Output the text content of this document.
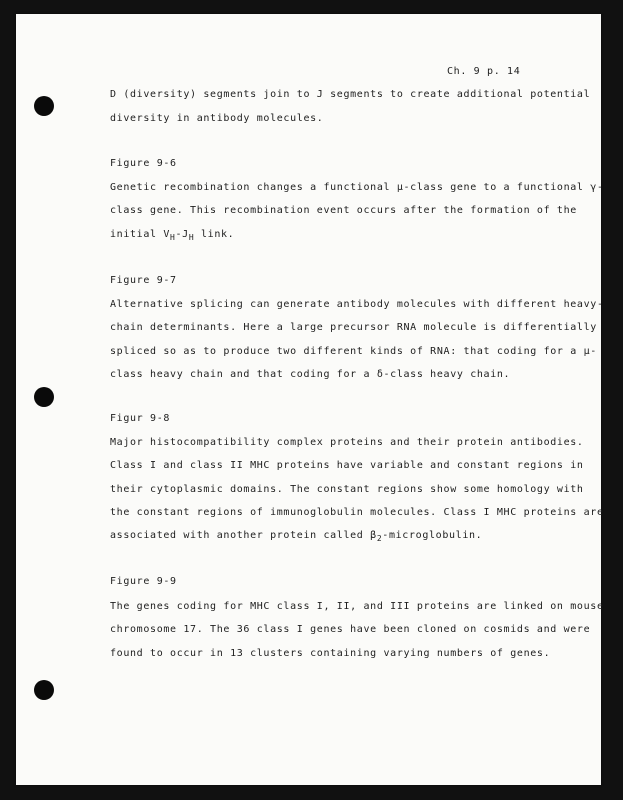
Ch. 9 p. 14
D (diversity) segments join to J segments to create additional potential
diversity in antibody molecules.
Figure 9-6
Genetic recombination changes a functional μ-class gene to a functional γ-
class gene. This recombination event occurs after the formation of the
initial $V_H-J_H$ link.
Figure 9-7
Alternative splicing can generate antibody molecules with different heavy-
chain determinants. Here a large precursor RNA molecule is differentially
spliced so as to produce two different kinds of RNA: that coding for a μ-
class heavy chain and that coding for a δ-class heavy chain.
Figur 9-8
Major histocompatibility complex proteins and their protein antibodies.
Class I and class II MHC proteins have variable and constant regions in
their cytoplasmic domains. The constant regions show some homology with
the constant regions of immunoglobulin molecules. Class I MHC proteins are
associated with another protein called $\beta_2$-microglobulin.
Figure 9-9
The genes coding for MHC class I, II, and III proteins are linked on mouse
chromosome 17. The 36 class I genes have been cloned on cosmids and were
found to occur in 13 clusters containing varying numbers of genes.
